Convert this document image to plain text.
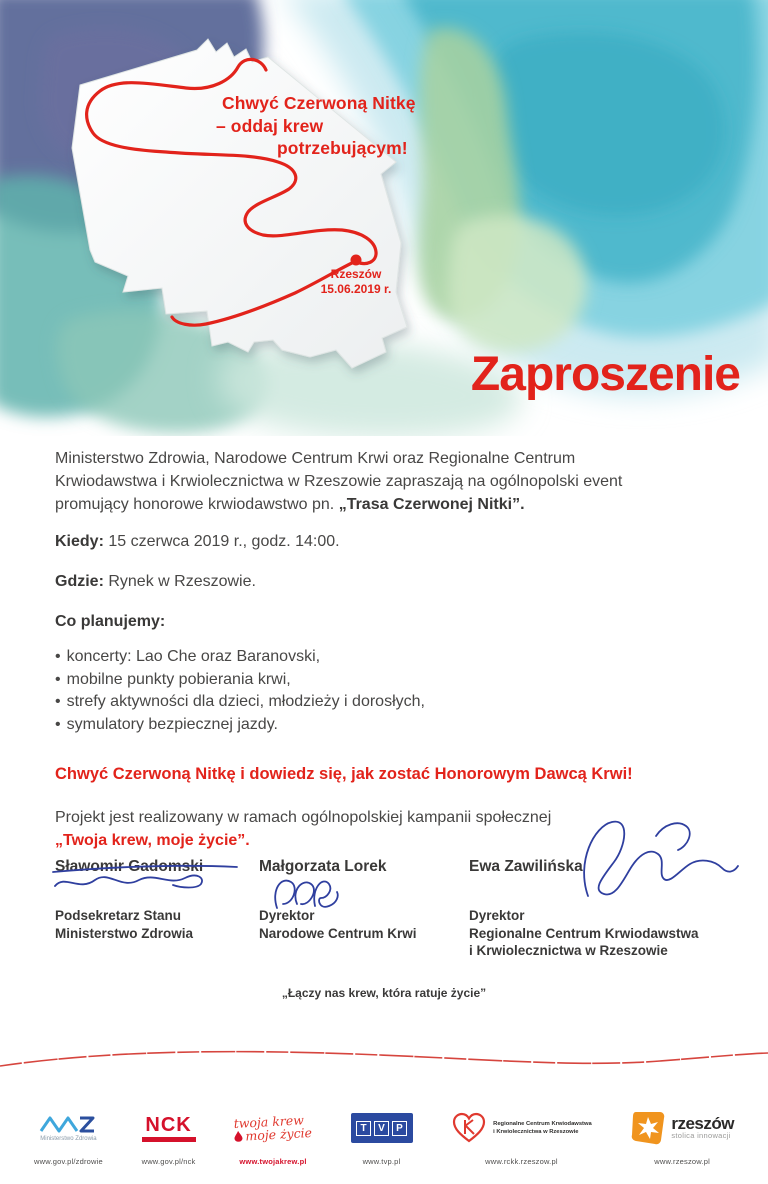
Chwyć Czerwoną Nitkę
– oddaj krew
potrzebującym!
Rzeszów
15.06.2019 r.
Zaproszenie

Ministerstwo Zdrowia, Narodowe Centrum Krwi oraz Regionalne Centrum Krwiodawstwa i Krwiolecznictwa w Rzeszowie zapraszają na ogólnopolski event promujący honorowe krwiodawstwo pn. „Trasa Czerwonej Nitki”.

Kiedy: 15 czerwca 2019 r., godz. 14:00.

Gdzie: Rynek w Rzeszowie.

Co planujemy:

• koncerty: Lao Che oraz Baranovski,
• mobilne punkty pobierania krwi,
• strefy aktywności dla dzieci, młodzieży i dorosłych,
• symulatory bezpiecznej jazdy.

Chwyć Czerwoną Nitkę i dowiedz się, jak zostać Honorowym Dawcą Krwi!

Projekt jest realizowany w ramach ogólnopolskiej kampanii społecznej
„Twoja krew, moje życie”.

Sławomir Gadomski
Podsekretarz Stanu
Ministerstwo Zdrowia
Małgorzata Lorek
Dyrektor
Narodowe Centrum Krwi
Ewa Zawilińska
Dyrektor
Regionalne Centrum Krwiodawstwa
i Krwiolecznictwa w Rzeszowie
„Łączy nas krew, która ratuje życie”
Ministerstwo Zdrowia
www.gov.pl/zdrowie
NCK
www.gov.pl/nck
twoja krew
moje życie
www.twojakrew.pl
T	V	P
www.tvp.pl
Regionalne Centrum Krwiodawstwa
i Krwiolecznictwa w Rzeszowie
www.rckk.rzeszow.pl
rzeszów
stolica innowacji
www.rzeszow.pl
